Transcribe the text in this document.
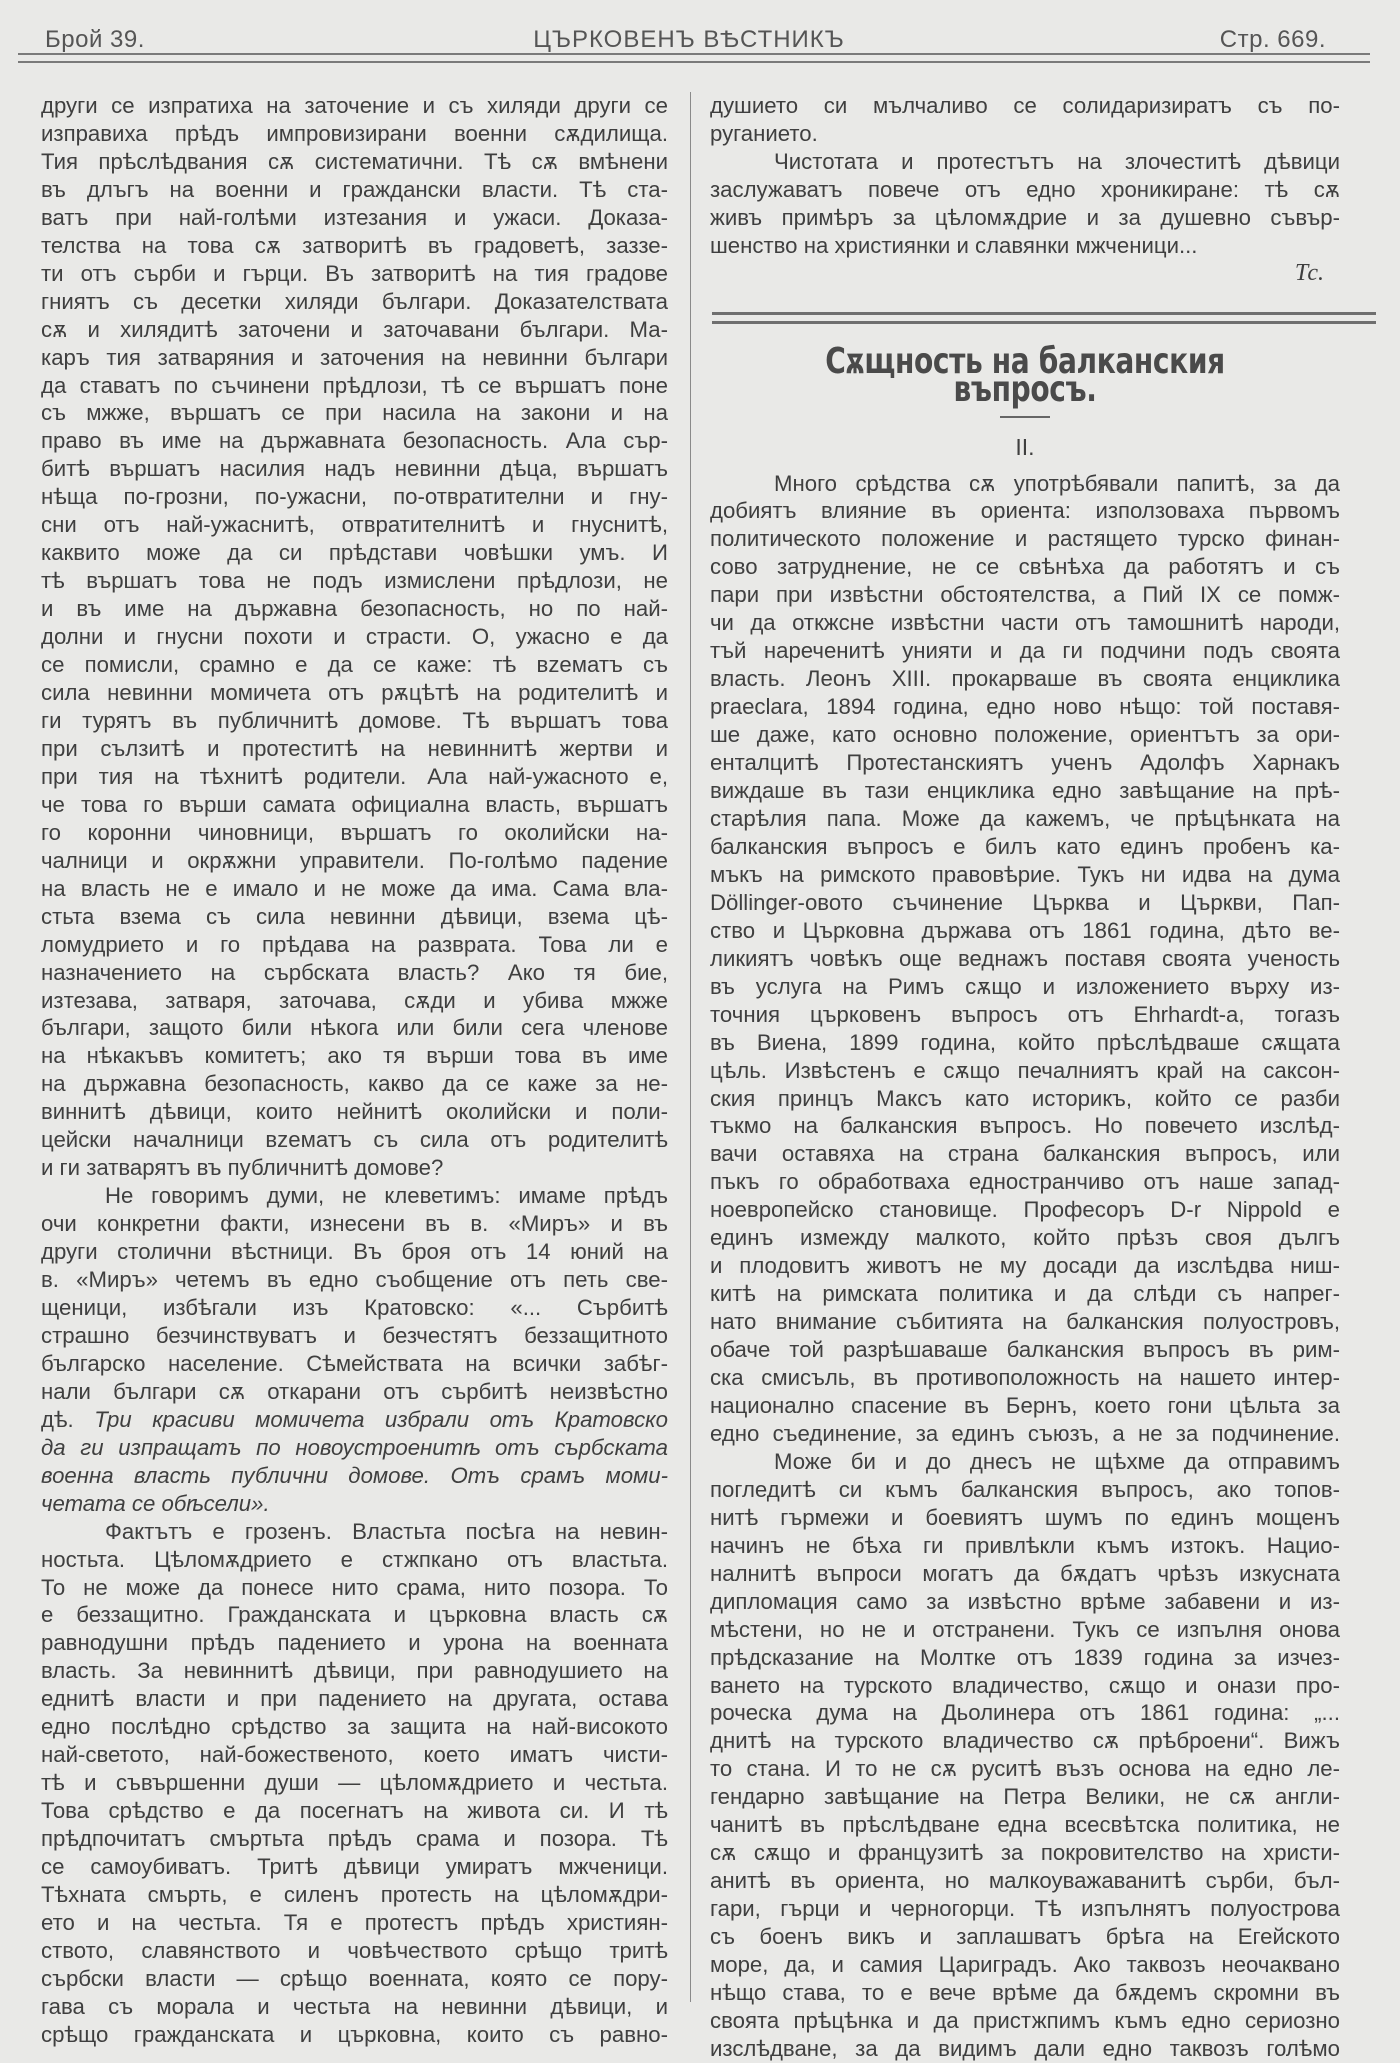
Брой 39.	ЦЪРКОВЕНЪ ВѢСТНИКЪ	Стр. 669.
други се изпратиха на заточение и съ хиляди други се
изправиха прѣдъ импровизирани военни сѫдилища.
Тия прѣслѣдвания сѫ систематични. Тѣ сѫ вмѣнени
въ длъгъ на военни и граждански власти. Тѣ ста-
ватъ при най-голѣми изтезания и ужаси. Доказа-
телства на това сѫ затворитѣ въ градоветѣ, заззе-
ти отъ сърби и гърци. Въ затворитѣ на тия градове
гниятъ съ десетки хиляди българи. Доказателствата
сѫ и хилядитѣ заточени и заточавани българи. Ма-
каръ тия затваряния и заточения на невинни българи
да ставатъ по съчинени прѣдлози, тѣ се вършатъ поне
съ мжже, вършатъ се при насила на закони и на
право въ име на държавната безопасность. Ала сър-
битѣ вършатъ насилия надъ невинни дѣца, вършатъ
нѣща по-грозни, по-ужасни, по-отвратителни и гну-
сни отъ най-ужаснитѣ, отвратителнитѣ и гнуснитѣ,
каквито може да си прѣдстави човѣшки умъ. И
тѣ вършатъ това не подъ измислени прѣдлози, не
и въ име на държавна безопасность, но по най-
долни и гнусни похоти и страсти. О, ужасно е да
се помисли, срамно е да се каже: тѣ вzематъ съ
сила невинни момичета отъ рѫцѣтѣ на родителитѣ и
ги турятъ въ публичнитѣ домове. Тѣ вършатъ това
при сълзитѣ и протеститѣ на невиннитѣ жертви и
при тия на тѣхнитѣ родители. Ала най-ужасното е,
че това го върши самата официална власть, вършатъ
го коронни чиновници, вършатъ го околийски на-
чалници и окрѫжни управители. По-голѣмо падение
на власть не е имало и не може да има. Сама вла-
стьта взема съ сила невинни дѣвици, взема цѣ-
ломудрието и го прѣдава на разврата. Това ли е
назначението на сърбската власть? Ако тя бие,
изтезава, затваря, заточава, сѫди и убива мжже
българи, защото били нѣкога или били сега членове
на нѣкакъвъ комитетъ; ако тя върши това въ име
на държавна безопасность, какво да се каже за не-
виннитѣ дѣвици, които нейнитѣ околийски и поли-
цейски началници вzематъ съ сила отъ родителитѣ
и ги затварятъ въ публичнитѣ домове?
Не говоримъ думи, не клеветимъ: имаме прѣдъ
очи конкретни факти, изнесени въ в. «Миръ» и въ
други столични вѣстници. Въ броя отъ 14 юний на
в. «Миръ» четемъ въ едно съобщение отъ петь све-
щеници, избѣгали изъ Кратовско: «... Сърбитѣ
страшно безчинствуватъ и безчестятъ беззащитното
българско население. Сѣмействата на всички забѣг-
нали българи сѫ откарани отъ сърбитѣ неизвѣстно
дѣ. Три красиви момичета избрали отъ Кратовско
да ги изпращатъ по новоустроенитѣ отъ сърбската
военна власть публични домове. Отъ срамъ моми-
четата се обѣсели».
Фактътъ е грозенъ. Властьта посѣга на невин-
ностьта. Цѣломѫдрието е стжпкано отъ властьта.
То не може да понесе нито срама, нито позора. То
е беззащитно. Гражданската и църковна власть сѫ
равнодушни прѣдъ падението и урона на военната
власть. За невиннитѣ дѣвици, при равнодушието на
еднитѣ власти и при падението на другата, остава
едно послѣдно срѣдство за защита на най-високото
най-светото, най-божественото, което иматъ чисти-
тѣ и съвършенни души — цѣломѫдрието и честьта.
Това срѣдство е да посегнатъ на живота си. И тѣ
прѣдпочитатъ смъртьта прѣдъ срама и позора. Тѣ
се самоубиватъ. Тритѣ дѣвици умиратъ мжченици.
Тѣхната смърть, е силенъ протесть на цѣломѫдри-
ето и на честьта. Тя е протестъ прѣдъ християн-
ството, славянството и човѣчеството срѣщо тритѣ
сърбски власти — срѣщо военната, която се пору-
гава съ морала и честьта на невинни дѣвици, и
срѣщо гражданската и църковна, които съ равно-
душието си мълчаливо се солидаризиратъ съ по-
руганието.
Чистотата и протестътъ на злочеститѣ дѣвици
заслужаватъ повече отъ едно хроникиране: тѣ сѫ
живъ примѣръ за цѣломѫдрие и за душевно съвър-
шенство на християнки и славянки мжченици...
Тс.
Сѫщность на балканския въпросъ.
II.
Много срѣдства сѫ употрѣбявали папитѣ, за да
добиятъ влияние въ ориента: използоваха първомъ
политическото положение и растящето турско финан-
сово затруднение, не се свѣнѣха да работятъ и съ
пари при извѣстни обстоятелства, а Пий IX се помж-
чи да откжсне извѣстни части отъ тамошнитѣ народи,
тъй нареченитѣ унияти и да ги подчини подъ своята
власть. Леонъ XIII. прокарваше въ своята енциклика
praeclara, 1894 година, едно ново нѣщо: той поставя-
ше даже, като основно положение, ориентътъ за ори-
енталцитѣ Протестанскиятъ ученъ Адолфъ Харнакъ
виждаше въ тази енциклика едно завѣщание на прѣ-
старѣлия папа. Може да кажемъ, че прѣцѣнката на
балканския въпросъ е билъ като единъ пробенъ ка-
мъкъ на римското правовѣрие. Тукъ ни идва на дума
Döllinger-овото съчинение Църква и Църкви, Пап-
ство и Църковна държава отъ 1861 година, дѣто ве-
ликиятъ човѣкъ още веднажъ поставя своята ученость
въ услуга на Римъ сѫщо и изложението върху из-
точния църковенъ въпросъ отъ Ehrhardt-а, тогазъ
въ Виена, 1899 година, който прѣслѣдваше сѫщата
цѣль. Извѣстенъ е сѫщо печалниятъ край на саксон-
ския принцъ Максъ като историкъ, който се разби
тъкмо на балканския въпросъ. Но повечето изслѣд-
вачи оставяха на страна балканския въпросъ, или
пъкъ го обработваха едностранчиво отъ наше запад-
ноевропейско становище. Професоръ D-r Nippold е
единъ измежду малкото, който прѣзъ своя дългъ
и плодовитъ животъ не му досади да изслѣдва ниш-
китѣ на римската политика и да слѣди съ напрег-
нато внимание събитията на балканския полуостровъ,
обаче той разрѣшаваше балканския въпросъ въ рим-
ска смисъль, въ противоположность на нашето интер-
национално спасение въ Бернъ, което гони цѣльта за
едно съединение, за единъ съюзъ, а не за подчинение.
Може би и до днесъ не щѣхме да отправимъ
погледитѣ си къмъ балканския въпросъ, ако топов-
нитѣ гърмежи и боевиятъ шумъ по единъ мощенъ
начинъ не бѣха ги привлѣкли къмъ изтокъ. Нацио-
налнитѣ въпроси могатъ да бѫдатъ чрѣзъ изкусната
дипломация само за извѣстно врѣме забавени и из-
мѣстени, но не и отстранени. Тукъ се изпълня онова
прѣдсказание на Молтке отъ 1839 година за изчез-
ването на турското владичество, сѫщо и онази про-
роческа дума на Дьолинера отъ 1861 година: „...
днитѣ на турското владичество сѫ прѣброени“. Вижъ
то стана. И то не сѫ руситѣ възъ основа на едно ле-
гендарно завѣщание на Петра Велики, не сѫ англи-
чанитѣ въ прѣслѣдване една всесвѣтска политика, не
сѫ сѫщо и французитѣ за покровителство на христи-
анитѣ въ ориента, но малкоуважаванитѣ сърби, бъл-
гари, гърци и черногорци. Тѣ изпълнятъ полуострова
съ боенъ викъ и заплашватъ брѣга на Егейското
море, да, и самия Цариградъ. Ако таквозъ неочаквано
нѣщо става, то е вече врѣме да бѫдемъ скромни въ
своята прѣцѣнка и да пристжпимъ къмъ едно сериозно
изслѣдване, за да видимъ дали едно таквозъ голѣмо
